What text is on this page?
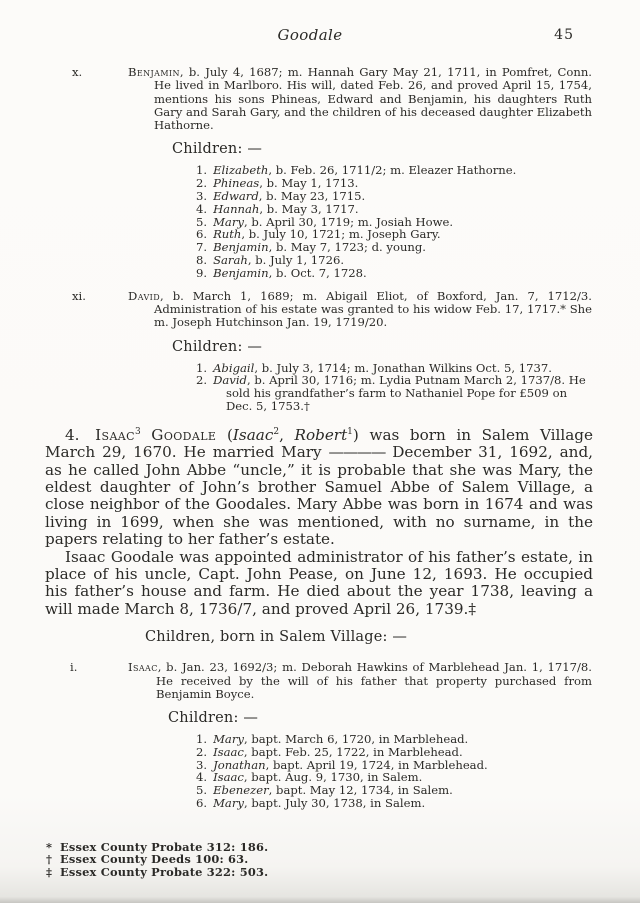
Goodale	45
x.	Benjamin, b. July 4, 1687; m. Hannah Gary May 21, 1711, in Pomfret, Conn. He lived in Marlboro. His will, dated Feb. 26, and proved April 15, 1754, mentions his sons Phineas, Edward and Benjamin, his daughters Ruth Gary and Sarah Gary, and the children of his deceased daughter Elizabeth Hathorne.
Children: —
1. Elizabeth, b. Feb. 26, 1711/2; m. Eleazer Hathorne.
2. Phineas, b. May 1, 1713.
3. Edward, b. May 23, 1715.
4. Hannah, b. May 3, 1717.
5. Mary, b. April 30, 1719; m. Josiah Howe.
6. Ruth, b. July 10, 1721; m. Joseph Gary.
7. Benjamin, b. May 7, 1723; d. young.
8. Sarah, b. July 1, 1726.
9. Benjamin, b. Oct. 7, 1728.
xi.	David, b. March 1, 1689; m. Abigail Eliot, of Boxford, Jan. 7, 1712/3. Administration of his estate was granted to his widow Feb. 17, 1717.* She m. Joseph Hutchinson Jan. 19, 1719/20.
Children: —
1. Abigail, b. July 3, 1714; m. Jonathan Wilkins Oct. 5, 1737.
2. David, b. April 30, 1716; m. Lydia Putnam March 2, 1737/8. He sold his grandfather’s farm to Nathaniel Pope for £509 on Dec. 5, 1753.†

4. Isaac$^3$ Goodale (Isaac$^2$, Robert$^1$) was born in Salem Village March 29, 1670. He married Mary ———— December 31, 1692, and, as he called John Abbe “uncle,” it is probable that she was Mary, the eldest daughter of John’s brother Samuel Abbe of Salem Village, a close neighbor of the Goodales. Mary Abbe was born in 1674 and was living in 1699, when she was mentioned, with no surname, in the papers relating to her father’s estate.

Isaac Goodale was appointed administrator of his father’s estate, in place of his uncle, Capt. John Pease, on June 12, 1693. He occupied his father’s house and farm. He died about the year 1738, leaving a will made March 8, 1736/7, and proved April 26, 1739.‡

Children, born in Salem Village: —
i.	Isaac, b. Jan. 23, 1692/3; m. Deborah Hawkins of Marblehead Jan. 1, 1717/8. He received by the will of his father that property purchased from Benjamin Boyce.
Children: —
1. Mary, bapt. March 6, 1720, in Marblehead.
2. Isaac, bapt. Feb. 25, 1722, in Marblehead.
3. Jonathan, bapt. April 19, 1724, in Marblehead.
4. Isaac, bapt. Aug. 9, 1730, in Salem.
5. Ebenezer, bapt. May 12, 1734, in Salem.
6. Mary, bapt. July 30, 1738, in Salem.
* Essex County Probate 312: 186.
† Essex County Deeds 100: 63.
‡ Essex County Probate 322: 503.
